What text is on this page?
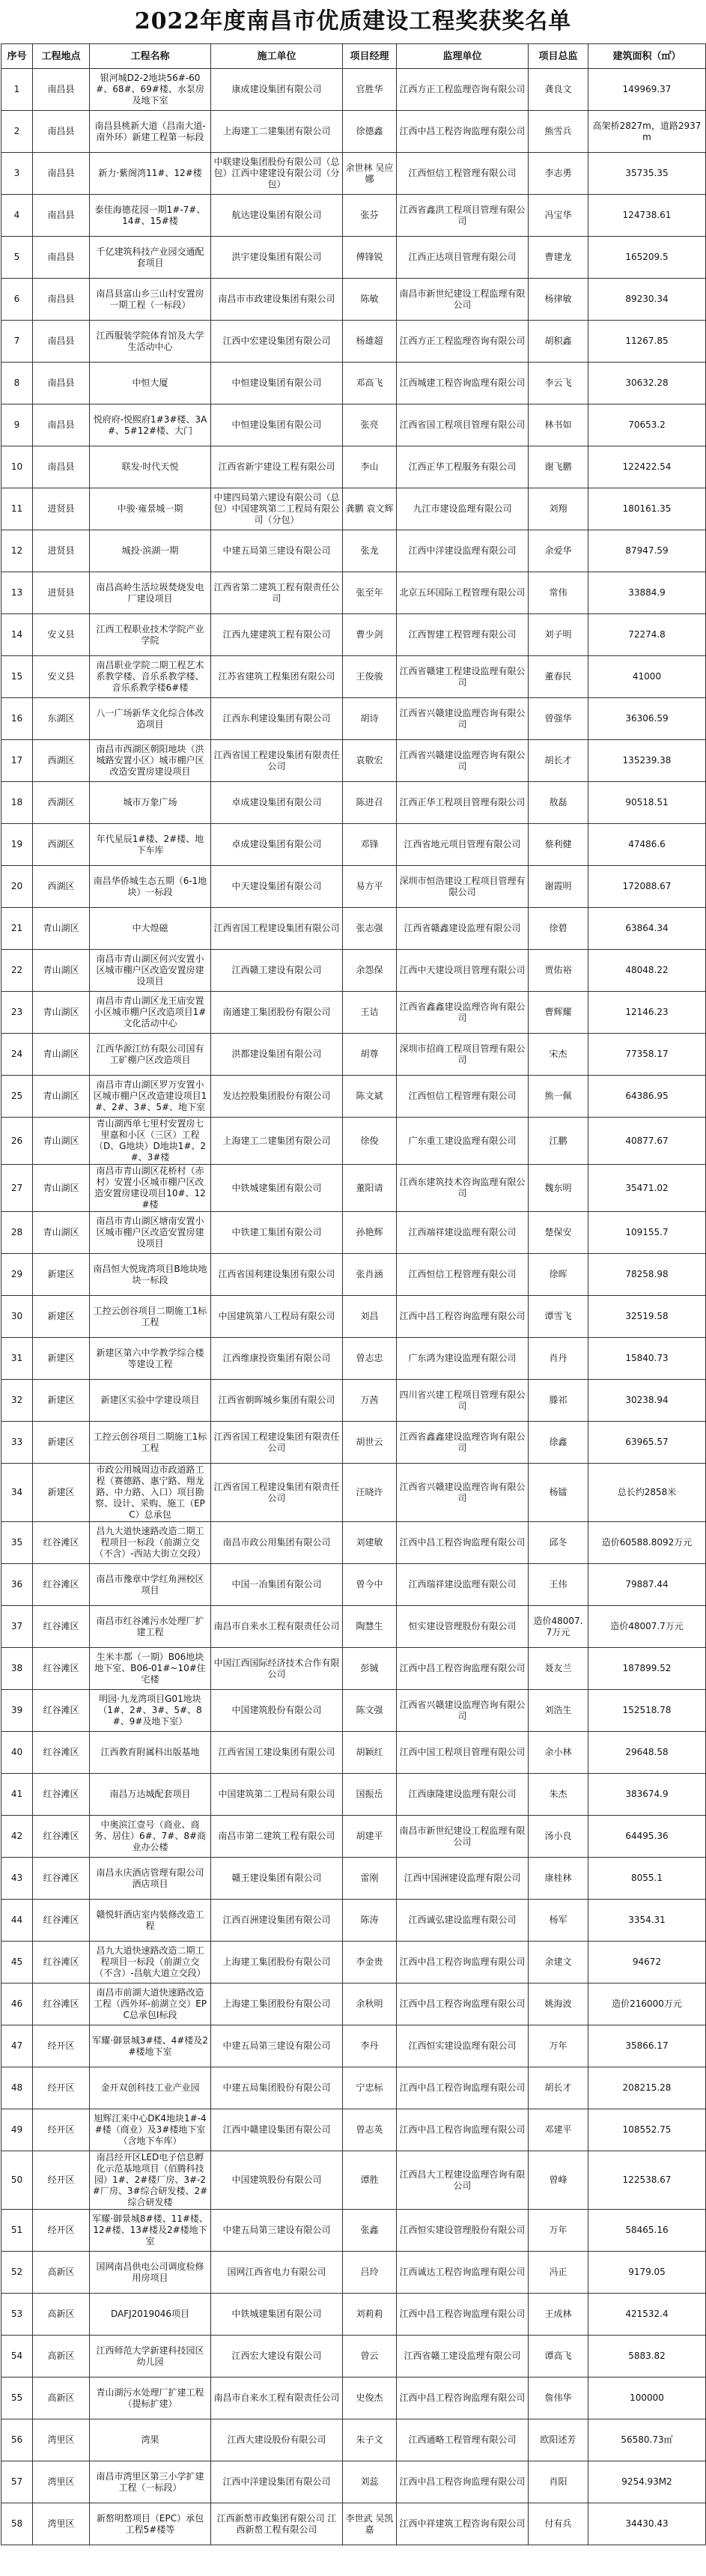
2022年度南昌市优质建设工程奖获奖名单
序号	工程地点	工程名称	施工单位	项目经理	监理单位	项目总监	建筑面积（㎡）
1	南昌县	银河城D2-2地块56#-60#、68#、69#楼、水泵房及地下室	康成建设集团有限公司	官胜华	江西方正工程监理咨询有限公司	龚良文	149969.37
2	南昌县	南昌县桃新大道（昌南大道-南外环）新建工程第一标段	上海建工二建集团有限公司	徐德鑫	江西中昌工程咨询监理有限公司	熊雪兵	高架桥2827m，道路2937m
3	南昌县	新力·紫阁湾11#、12#楼	中联建设集团股份有限公司（总包）江西中建建设有限公司（分包）	余世林 吴应娜	江西恒信工程管理有限公司	李志勇	35735.35
4	南昌县	泰佳海德花园一期1#-7#、14#、15#楼	航达建设集团有限公司	张芬	江西省鑫洪工程项目管理有限公司	冯宝华	124738.61
5	南昌县	千亿建筑科技产业园交通配套项目	洪宇建设集团有限公司	傅锋锐	江西正达项目管理有限公司	曹建龙	165209.5
6	南昌县	南昌县富山乡三山村安置房一期工程（一标段）	南昌市市政建设集团有限公司	陈敏	南昌市新世纪建设工程监理有限公司	杨律敏	89230.34
7	南昌县	江西服装学院体育馆及大学生活动中心	江西中宏建设集团有限公司	杨雄超	江西方正工程监理咨询有限公司	胡积鑫	11267.85
8	南昌县	中恒大厦	中恒建设集团有限公司	邓高飞	江西城建工程咨询监理有限公司	李云飞	30632.28
9	南昌县	悦府府-悦熙府1#3#楼、3A#、5#12#楼、大门	中恒建设集团有限公司	张亮	江西省国工程项目管理有限公司	林书如	70653.2
10	南昌县	联发·时代天悦	江西省新宇建设工程有限公司	李山	江西正华工程服务有限公司	谢飞鹏	122422.54
11	进贤县	中骏·雍景城一期	中建四局第六建设有限公司（总包）中国建筑第二工程局有限公司（分包）	龚鹏 袁文辉	九江市建设监理有限公司	刘翔	180161.35
12	进贤县	城投·滨湖一期	中建五局第三建设有限公司	张龙	江西中洋建设监理有限公司	余爱华	87947.59
13	进贤县	南昌高岭生活垃圾焚烧发电厂建设项目	江西省第二建筑工程有限责任公司	张至年	北京五环国际工程管理有限公司	常伟	33884.9
14	安义县	江西工程职业技术学院产业学院	江西九建建筑工程有限公司	曹少剑	江西智建工程管理有限公司	刘子明	72274.8
15	安义县	南昌职业学院二期工程艺术系教学楼、音乐系教学楼、音乐系教学楼6#楼	江苏省建筑工程集团有限公司	王俊骏	江西省赣建工程建设监理有限公司	董春民	41000
16	东湖区	八一广场新华文化综合体改造项目	江西东利建设集团有限公司	胡诗	江西省兴赣建设监理咨询有限公司	曾强华	36306.59
17	西湖区	南昌市西湖区朝阳地块（洪城路安置小区）城市棚户区改造安置房建设项目	江西省国工程建设集团有限责任公司	袁敬宏	江西省兴赣建设监理咨询有限公司	胡长才	135239.38
18	西湖区	城市万象广场	卓成建设集团有限公司	陈进召	江西正华工程项目管理有限公司	敖磊	90518.51
19	西湖区	年代星辰1#楼、2#楼、地下车库	卓成建设集团有限公司	邓锋	江西省地元项目管理有限公司	蔡利健	47486.6
20	西湖区	南昌华侨城生态五期（6-1地块）一标段	中天建设集团有限公司	易方平	深圳市恒浩建设工程项目管理有限公司	谢霞明	172088.67
21	青山湖区	中大煌磁	江西省国工程建设集团有限公司	张志强	江西省赣鑫建设监理有限公司	徐碧	63864.34
22	青山湖区	南昌市青山湖区何兴安置小区城市棚户区改造安置房建设项目	江西赣工建设有限公司	余怨保	江西中天建设项目管理有限公司	贾佑裕	48048.22
23	青山湖区	南昌市青山湖区龙王庙安置小区城市棚户区改造项目1#文化活动中心	南通建工集团股份有限公司	王诘	江西省鑫鑫建设监理咨询有限公司	曹辉耀	12146.23
24	青山湖区	江西华源江纺有限公司国有工矿棚户区改造项目	洪都建设集团有限公司	胡尊	深圳市招商工程项目管理有限公司	宋杰	77358.17
25	青山湖区	南昌市青山湖区罗万安置小区城市棚户区改造建设项目1#、2#、3#、5#、地下室	发达控股集团股份有限公司	陈文斌	江西恒信工程管理有限公司	熊一佩	64386.95
26	青山湖区	青山湖西单七里村安置房七里嘉和小区（三区）工程（D、G地块）D地块1#、2#、3#楼	上海建工二建集团有限公司	徐俊	广东重工建设监理有限公司	江鹏	40877.67
27	青山湖区	南昌市青山湖区花桥村（赤村）安置小区城市棚户区改造安置房建设项目10#、12#楼	中铁城建集团有限公司	董阳请	江西东建筑技术咨询监理有限公司	魏东明	35471.02
28	青山湖区	南昌市青山湖区塘南安置小区城市棚户区改造安置房建设项目	中铁建工集团有限公司	孙艳辉	江西端祥建设监理有限公司	楚保安	109155.7
29	新建区	南昌恒大悦珑湾项目B地块地块一标段	江西省国利建设集团有限公司	张肖涵	江西恒信工程管理有限公司	徐晖	78258.98
30	新建区	工控云创谷项目二期施工1标工程	中国建筑第八工程局有限公司	刘昌	江西中昌工程咨询监理有限公司	谭雪飞	32519.58
31	新建区	新建区第六中学教学综合楼等建设工程	江西维康投资集团有限公司	曾志忠	广东鸿为建设监理有限公司	肖丹	15840.73
32	新建区	新建区实验中学建设项目	江西省朝晖城乡集团有限公司	万茜	四川省兴建工程项目管理有限公司	滕祁	30238.94
33	新建区	工控云创谷项目二期施工1标工程	江西省国工程建设集团有限责任公司	胡世云	江西省鑫鑫建设监理咨询有限公司	徐鑫	63965.57
34	新建区	市政公用城周边市政道路工程（赛德路、惠宁路、翔龙路、中力路、入口）项目勘察、设计、采购、施工（EPC）总承包	江西省国工程建设集团有限责任公司	汪晓许	江西省兴赣建设监理咨询有限公司	杨镭	总长约2858米
35	红谷滩区	昌九大道快速路改造二期工程项目一标段（前湖立交（不含）-西站大街立交段）	南昌市政公用集团有限公司	刘建敏	江西中昌工程咨询监理有限公司	邱冬	造价60588.8092万元
36	红谷滩区	南昌市豫章中学红角洲校区项目	中国一冶集团有限公司	曾今中	江西瑞祥建设监理有限公司	王伟	79887.44
37	红谷滩区	南昌市红谷滩污水处理厂扩建工程	南昌市自来水工程有限责任公司	陶慧生	恒实建设管理股份有限公司	造价48007.7万元	造价48007.7万元
38	红谷滩区	生米丰都（一期）B06地块地下室、B06-01#~10#住宅楼	中国江西国际经济技术合作有限公司	彭铖	江西中昌工程咨询监理有限公司	聂友兰	187899.52
39	红谷滩区	明园·九龙湾项目G01地块（1#、2#、3#、5#、8#、9#及地下室）	中国建筑股份有限公司	陈文强	江西省兴赣建设监理咨询有限公司	刘浩生	152518.78
40	红谷滩区	江西教育附属科出版基地	江西省国工建设集团有限公司	胡颖红	江西中国工程项目管理有限公司	余小林	29648.58
41	红谷滩区	南昌万达城配套项目	中国建筑第二工程局有限公司	国振岳	江西康隆建设监理有限公司	朱杰	383674.9
42	红谷滩区	中奥滨江壹号（商业、商务、居住）6#、7#、8#商业办公楼	南昌市第二建筑工程有限公司	胡建平	南昌市新世纪建设工程监理有限公司	汤小良	64495.36
43	红谷滩区	南昌永庆酒店管理有限公司酒店项目	赣王建设集团有限公司	雷刚	江西中国洲建设监理有限公司	康桂林	8055.1
44	红谷滩区	赣悦轩酒店室内装修改造工程	江西百洲建设集团有限公司	陈涛	江西诚弘建设监理有限公司	杨军	3354.31
45	红谷滩区	昌九大道快速路改造二期工程项目一标段（前湖立交（不含）-昌航大道立交段）	上海建工集团股份有限公司	李金贵	江西中昌工程咨询监理有限公司	余建文	94672
46	红谷滩区	南昌市前湖大道快速路改造工程（西外环-前湖立交）EPC总承包I标段	上海建工集团股份有限公司	余秋明	江西中昌工程咨询监理有限公司	姚海波	造价216000万元
47	经开区	军耀·御景城3#楼、4#楼及2#楼地下室	中建五局第三建设有限公司	李丹	江西恒实建设监理有限公司	万年	35866.17
48	经开区	金开双创科技工业产业园	中建五局集团股份有限公司	宁忠标	江西中昌工程咨询监理有限公司	胡长才	208215.28
49	经开区	旭辉江来中心DK4地块1#-4#楼（商业）及3#楼地下室（含地下车库）	江西中赣建设集团有限公司	曾志英	江西中昌工程咨询监理有限公司	邓建平	108552.75
50	经开区	南昌经开区LED电子信息孵化示范基地项目（佰腾科技园）1#、2#楼厂房、3#-2#厂房、3#综合研发楼、2#综合研发楼	中国建筑股份有限公司	谭胜	江西昌大工程建设监理咨询有限公司	曾峰	122538.67
51	经开区	军耀·御景城8#楼、11#楼、12#楼、13#楼及2#楼地下室	中建五局第三建设有限公司	张鑫	江西恒实建设管理股份有限公司	万年	58465.16
52	高新区	国网南昌供电公司调度检修用房项目	国网江西省电力有限公司	吕玲	江西诚达工程咨询监理有限公司	冯正	9179.05
53	高新区	DAFJ2019046项目	中铁城建集团有限公司	刘莉莉	江西中昌工程咨询监理有限公司	王成林	421532.4
54	高新区	江西师范大学新建科技园区幼儿园	江西宏大建设有限公司	曾云	江西省赣工建设监理有限公司	谭高飞	5883.82
55	高新区	青山湖污水处理厂扩建工程（提标扩建）	南昌市自来水工程有限责任公司	史俊杰	江西中昌工程咨询监理有限公司	詹伟华	100000
56	湾里区	湾果	江西大建设股份有限公司	朱子文	江西通略工程管理有限公司	欧阳述芳	56580.73㎡
57	湾里区	南昌市湾里区第三小学扩建工程（一标段）	江西中洋建设集团有限公司	刘蕊	江西中昌工程咨询监理有限公司	肖阳	9254.93M2
58	湾里区	新嶅明嶅项目（EPC）承包工程5#楼等	江西新嶅市政集团有限公司 江西新嶅工程有限公司	李世武 吴凯嘉	江西中祥建筑工程咨询有限公司	付有兵	34430.43
